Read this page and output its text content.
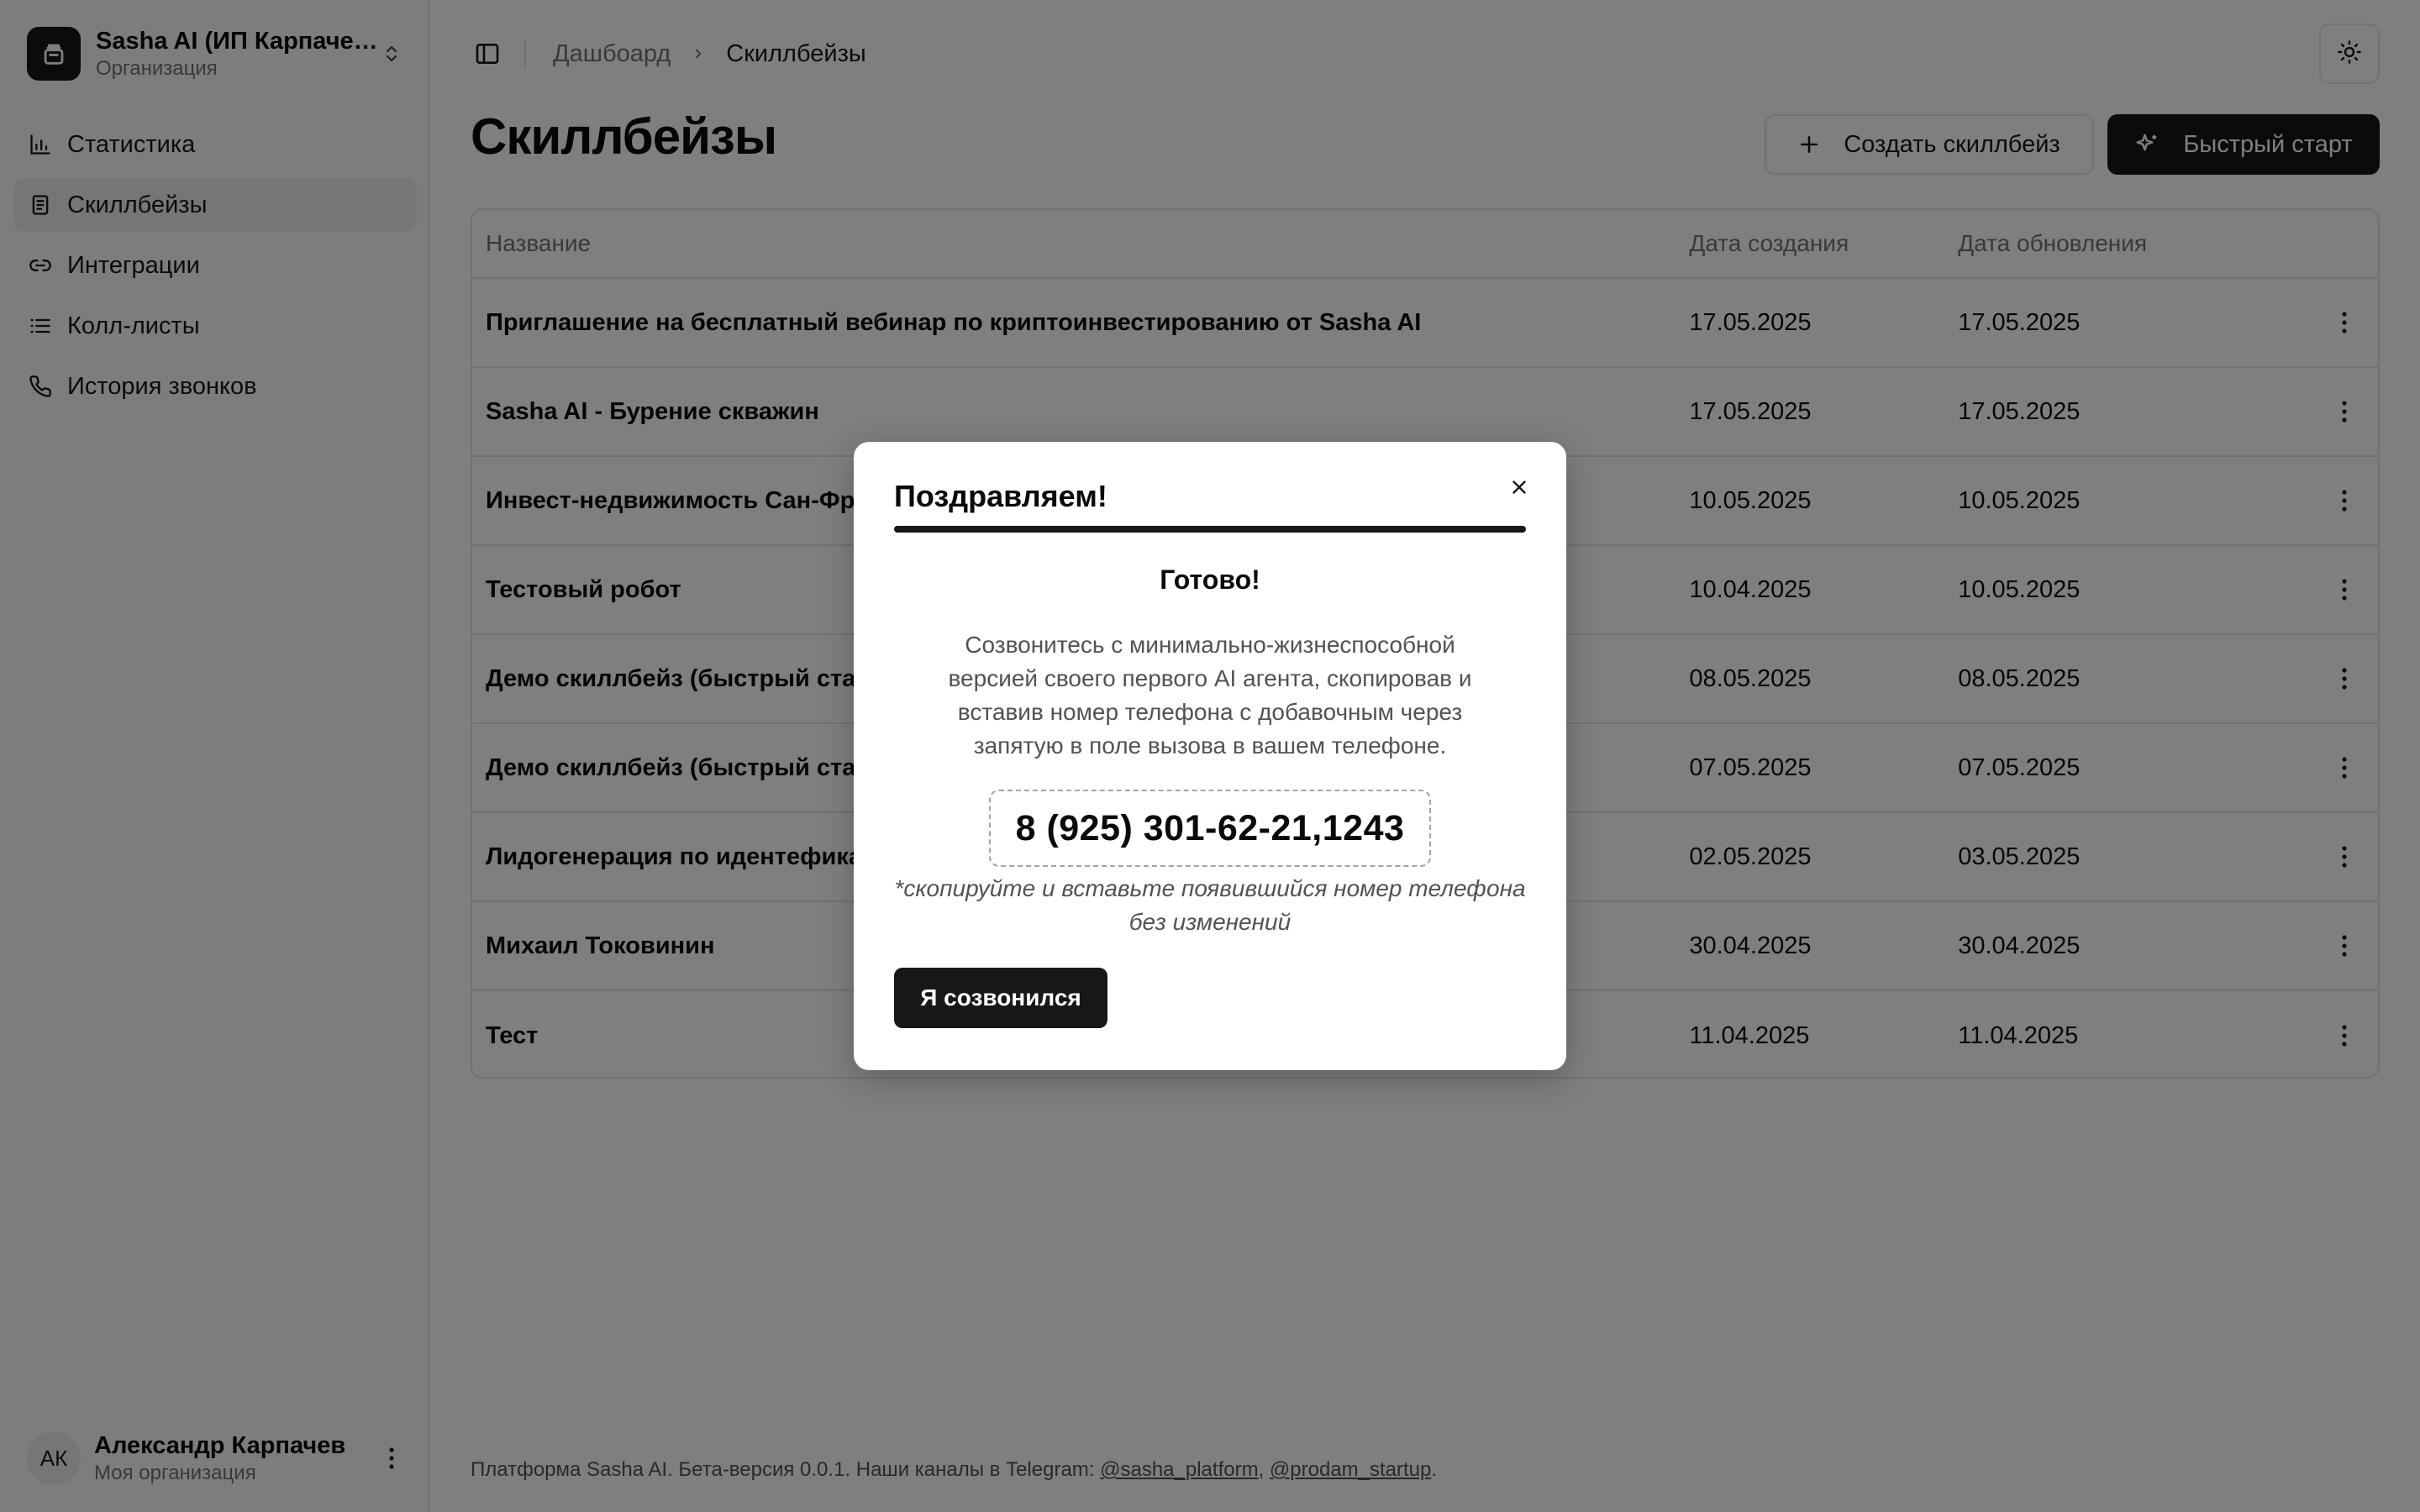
Поздравляем!
Готово!
Созвонитесь с минимально-жизнеспособной версией своего первого AI агента, скопировав и вставив номер телефона с добавочным через запятую в поле вызова в вашем телефоне.
8 (925) 301-62-21,1243
*скопируйте и вставьте появившийся номер телефона без изменений
Я созвонился
